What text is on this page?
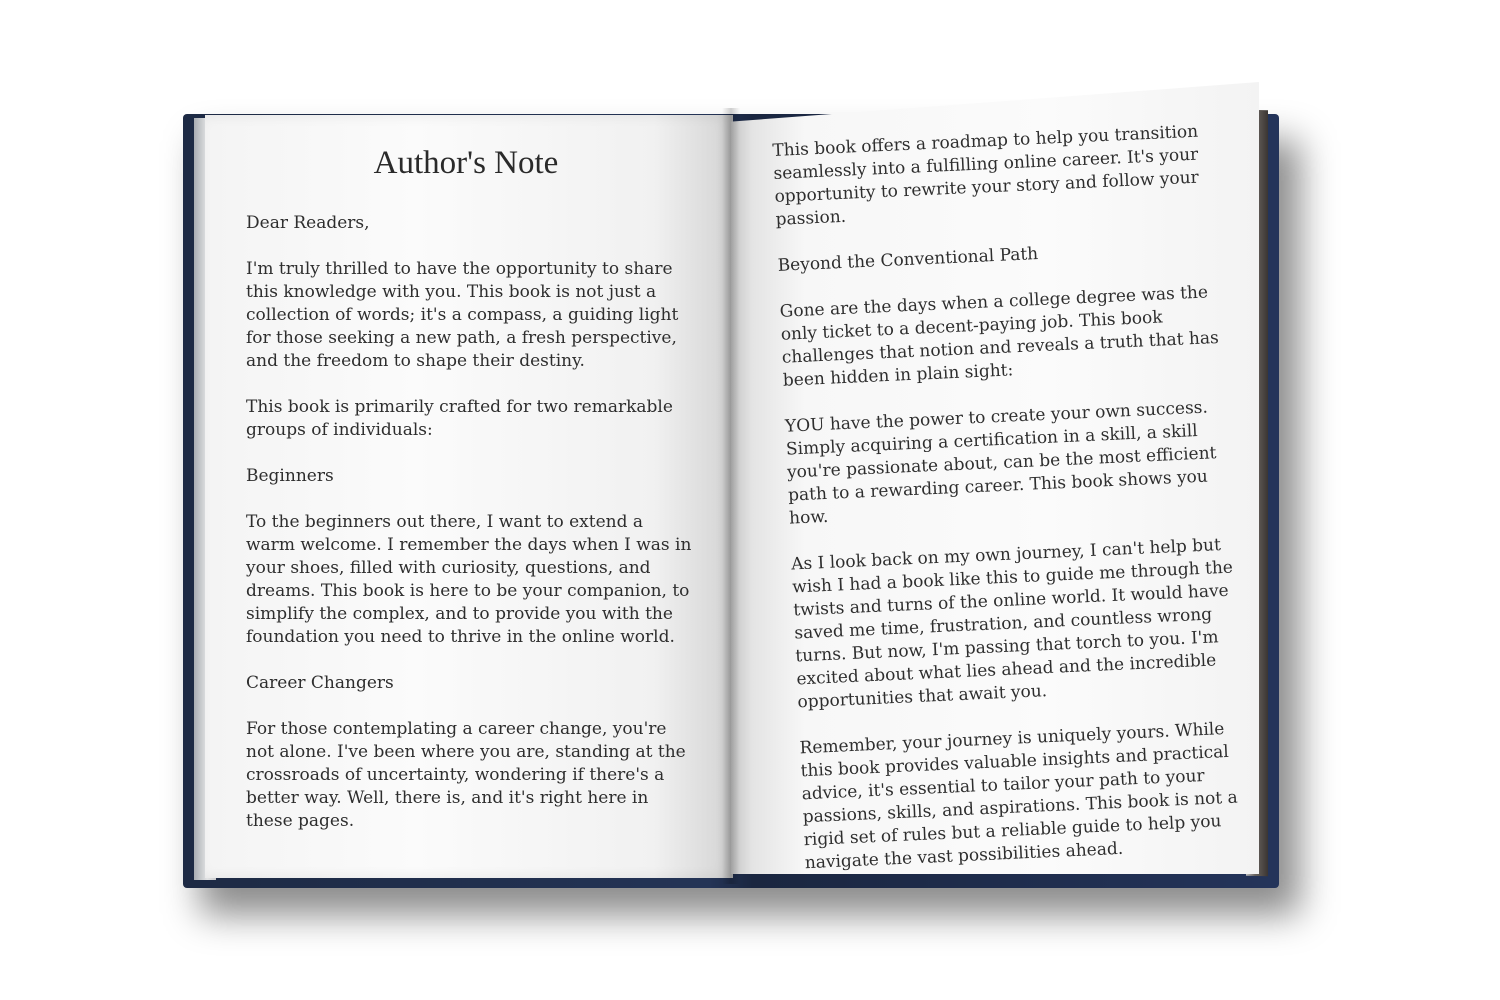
Author's Note

Dear Readers,

I'm truly thrilled to have the opportunity to share this knowledge with you. This book is not just a collection of words; it's a compass, a guiding light for those seeking a new path, a fresh perspective, and the freedom to shape their destiny.

This book is primarily crafted for two remarkable groups of individuals:

Beginners

To the beginners out there, I want to extend a warm welcome. I remember the days when I was in your shoes, filled with curiosity, questions, and dreams. This book is here to be your companion, to simplify the complex, and to provide you with the foundation you need to thrive in the online world.

Career Changers

For those contemplating a career change, you're not alone. I've been where you are, standing at the crossroads of uncertainty, wondering if there's a better way. Well, there is, and it's right here in these pages.

This book offers a roadmap to help you transition seamlessly into a fulfilling online career. It's your opportunity to rewrite your story and follow your passion.

Beyond the Conventional Path

Gone are the days when a college degree was the only ticket to a decent-paying job. This book challenges that notion and reveals a truth that has been hidden in plain sight:

YOU have the power to create your own success. Simply acquiring a certification in a skill, a skill you're passionate about, can be the most efficient path to a rewarding career. This book shows you how.

As I look back on my own journey, I can't help but wish I had a book like this to guide me through the twists and turns of the online world. It would have saved me time, frustration, and countless wrong turns. But now, I'm passing that torch to you. I'm excited about what lies ahead and the incredible opportunities that await you.

Remember, your journey is uniquely yours. While this book provides valuable insights and practical advice, it's essential to tailor your path to your passions, skills, and aspirations. This book is not a rigid set of rules but a reliable guide to help you navigate the vast possibilities ahead.
